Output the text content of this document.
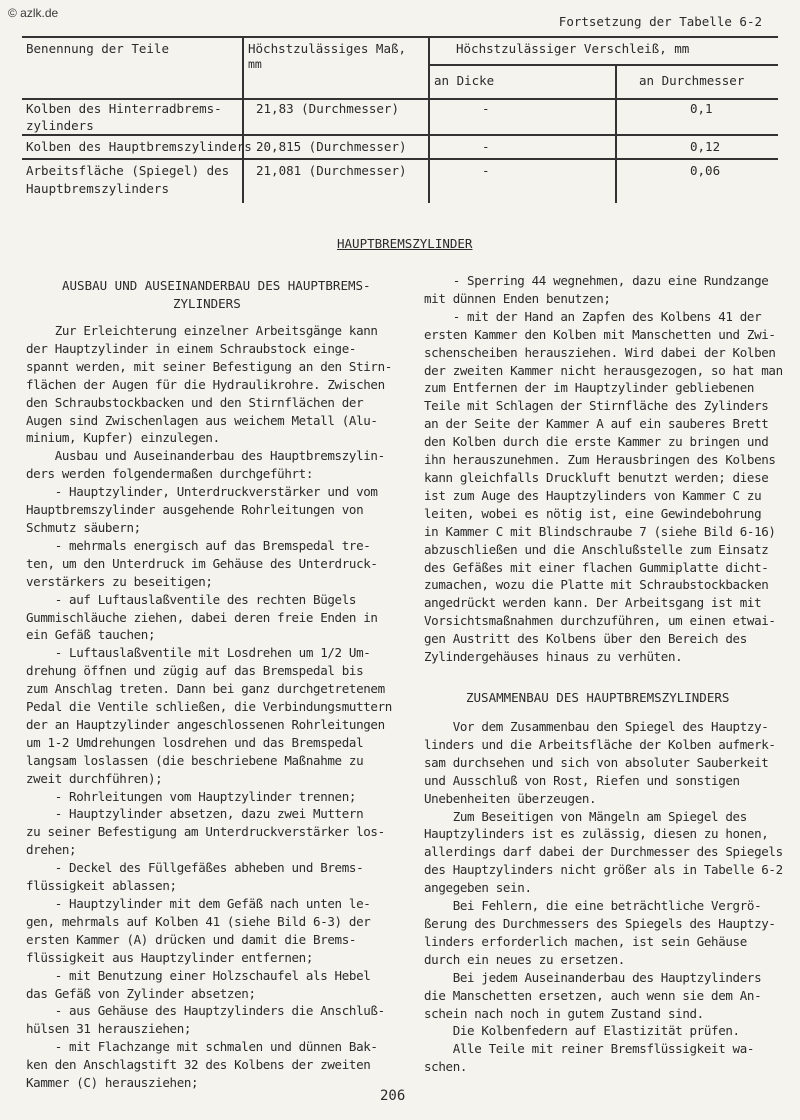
© azlk.de
Fortsetzung der Tabelle 6-2
Benennung der Teile	Höchstzulässiges Maß,
mm
Höchstzulässiger Verschleiß, mm
an Dicke	an Durchmesser
Kolben des Hinterradbrems-
zylinders
21,83 (Durchmesser)	-	0,1
Kolben des Hauptbremszylinders 20,815 (Durchmesser)	-	0,12
Arbeitsfläche (Spiegel) des
Hauptbremszylinders
21,081 (Durchmesser)	-	0,06
HAUPTBREMSZYLINDER
AUSBAU UND AUSEINANDERBAU DES HAUPTBREMS-
ZYLINDERS

Zur Erleichterung einzelner Arbeitsgänge kann

der Hauptzylinder in einem Schraubstock einge-

spannt werden, mit seiner Befestigung an den Stirn-

flächen der Augen für die Hydraulikrohre. Zwischen

den Schraubstockbacken und den Stirnflächen der

Augen sind Zwischenlagen aus weichem Metall (Alu-

minium, Kupfer) einzulegen.

Ausbau und Auseinanderbau des Hauptbremszylin-

ders werden folgendermaßen durchgeführt:

- Hauptzylinder, Unterdruckverstärker und vom

Hauptbremszylinder ausgehende Rohrleitungen von

Schmutz säubern;

- mehrmals energisch auf das Bremspedal tre-

ten, um den Unterdruck im Gehäuse des Unterdruck-

verstärkers zu beseitigen;

- auf Luftauslaßventile des rechten Bügels

Gummischläuche ziehen, dabei deren freie Enden in

ein Gefäß tauchen;

- Luftauslaßventile mit Losdrehen um 1/2 Um-

drehung öffnen und zügig auf das Bremspedal bis

zum Anschlag treten. Dann bei ganz durchgetretenem

Pedal die Ventile schließen, die Verbindungsmuttern

der an Hauptzylinder angeschlossenen Rohrleitungen

um 1-2 Umdrehungen losdrehen und das Bremspedal

langsam loslassen (die beschriebene Maßnahme zu

zweit durchführen);

- Rohrleitungen vom Hauptzylinder trennen;

- Hauptzylinder absetzen, dazu zwei Muttern

zu seiner Befestigung am Unterdruckverstärker los-

drehen;

- Deckel des Füllgefäßes abheben und Brems-

flüssigkeit ablassen;

- Hauptzylinder mit dem Gefäß nach unten le-

gen, mehrmals auf Kolben 41 (siehe Bild 6-3) der

ersten Kammer (A) drücken und damit die Brems-

flüssigkeit aus Hauptzylinder entfernen;

- mit Benutzung einer Holzschaufel als Hebel

das Gefäß von Zylinder absetzen;

- aus Gehäuse des Hauptzylinders die Anschluß-

hülsen 31 herausziehen;

- mit Flachzange mit schmalen und dünnen Bak-

ken den Anschlagstift 32 des Kolbens der zweiten

Kammer (C) herausziehen;

- Sperring 44 wegnehmen, dazu eine Rundzange

mit dünnen Enden benutzen;

- mit der Hand an Zapfen des Kolbens 41 der

ersten Kammer den Kolben mit Manschetten und Zwi-

schenscheiben herausziehen. Wird dabei der Kolben

der zweiten Kammer nicht herausgezogen, so hat man

zum Entfernen der im Hauptzylinder gebliebenen

Teile mit Schlagen der Stirnfläche des Zylinders

an der Seite der Kammer A auf ein sauberes Brett

den Kolben durch die erste Kammer zu bringen und

ihn herauszunehmen. Zum Herausbringen des Kolbens

kann gleichfalls Druckluft benutzt werden; diese

ist zum Auge des Hauptzylinders von Kammer C zu

leiten, wobei es nötig ist, eine Gewindebohrung

in Kammer C mit Blindschraube 7 (siehe Bild 6-16)

abzuschließen und die Anschlußstelle zum Einsatz

des Gefäßes mit einer flachen Gummiplatte dicht-

zumachen, wozu die Platte mit Schraubstockbacken

angedrückt werden kann. Der Arbeitsgang ist mit

Vorsichtsmaßnahmen durchzuführen, um einen etwai-

gen Austritt des Kolbens über den Bereich des

Zylindergehäuses hinaus zu verhüten.

ZUSAMMENBAU DES HAUPTBREMSZYLINDERS

Vor dem Zusammenbau den Spiegel des Hauptzy-

linders und die Arbeitsfläche der Kolben aufmerk-

sam durchsehen und sich von absoluter Sauberkeit

und Ausschluß von Rost, Riefen und sonstigen

Unebenheiten überzeugen.

Zum Beseitigen von Mängeln am Spiegel des

Hauptzylinders ist es zulässig, diesen zu honen,

allerdings darf dabei der Durchmesser des Spiegels

des Hauptzylinders nicht größer als in Tabelle 6-2

angegeben sein.

Bei Fehlern, die eine beträchtliche Vergrö-

ßerung des Durchmessers des Spiegels des Hauptzy-

linders erforderlich machen, ist sein Gehäuse

durch ein neues zu ersetzen.

Bei jedem Auseinanderbau des Hauptzylinders

die Manschetten ersetzen, auch wenn sie dem An-

schein nach noch in gutem Zustand sind.

Die Kolbenfedern auf Elastizität prüfen.

Alle Teile mit reiner Bremsflüssigkeit wa-

schen.

206
